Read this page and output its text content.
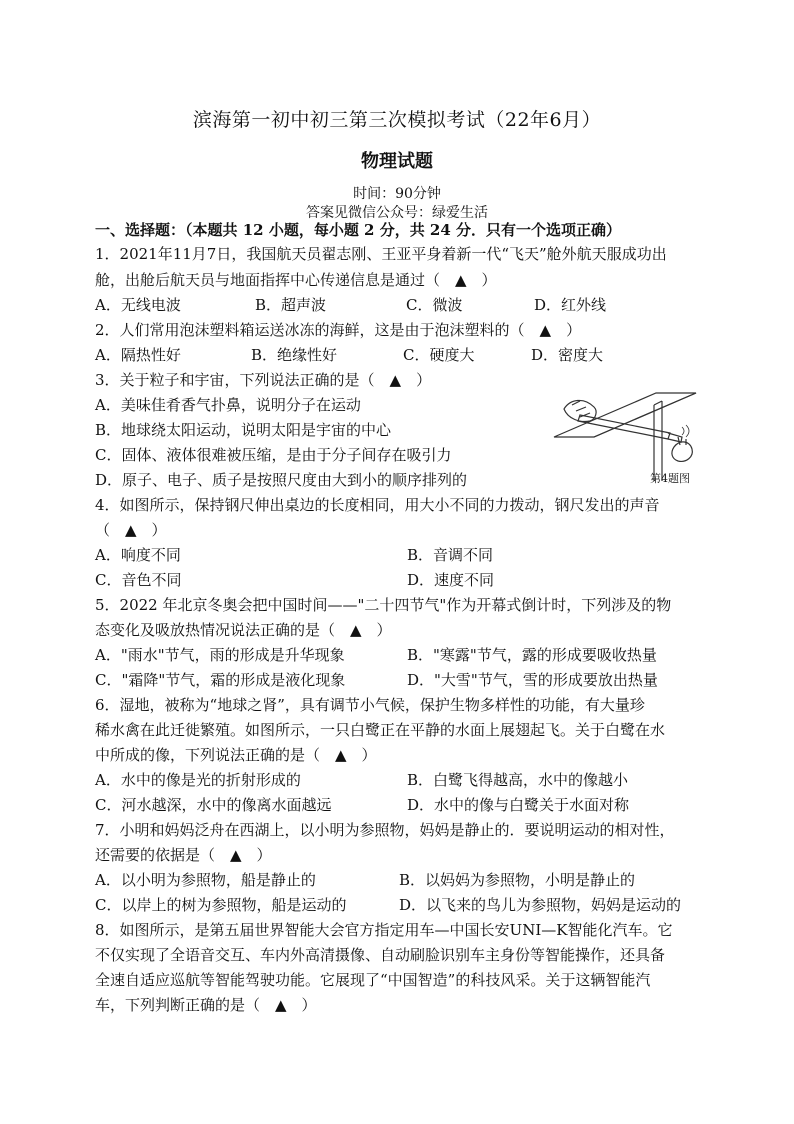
滨海第一初中初三第三次模拟考试（22年6月）
物理试题
时间：90分钟
答案见微信公众号：绿爱生活
一、选择题：（本题共 12 小题，每小题 2 分，共 24 分．只有一个选项正确）
1．2021年11月7日，我国航天员翟志刚、王亚平身着新一代“飞天”舱外航天服成功出
舱，出舱后航天员与地面指挥中心传递信息是通过（　▲　）
A．无线电波	B．超声波	C．微波	D．红外线
2．人们常用泡沫塑料箱运送冰冻的海鲜，这是由于泡沫塑料的（　▲　）
A．隔热性好	B．绝缘性好	C．硬度大	D．密度大
3．关于粒子和宇宙，下列说法正确的是（　▲　）
A．美味佳肴香气扑鼻，说明分子在运动
B．地球绕太阳运动，说明太阳是宇宙的中心
C．固体、液体很难被压缩，是由于分子间存在吸引力
D．原子、电子、质子是按照尺度由大到小的顺序排列的	第4题图
4．如图所示，保持钢尺伸出桌边的长度相同，用大小不同的力拨动，钢尺发出的声音
（　▲　）
A．响度不同	B．音调不同
C．音色不同	D．速度不同
5．2022 年北京冬奥会把中国时间——"二十四节气"作为开幕式倒计时，下列涉及的物
态变化及吸放热情况说法正确的是（　▲　）
A．"雨水"节气，雨的形成是升华现象	B．"寒露"节气，露的形成要吸收热量
C．"霜降"节气，霜的形成是液化现象	D．"大雪"节气，雪的形成要放出热量
6．湿地，被称为“地球之肾”，具有调节小气候，保护生物多样性的功能，有大量珍
稀水禽在此迁徙繁殖。如图所示，一只白鹭正在平静的水面上展翅起飞。关于白鹭在水
中所成的像，下列说法正确的是（　▲　）
A．水中的像是光的折射形成的	B．白鹭飞得越高，水中的像越小
C．河水越深，水中的像离水面越远	D．水中的像与白鹭关于水面对称
7．小明和妈妈泛舟在西湖上，以小明为参照物，妈妈是静止的．要说明运动的相对性，
还需要的依据是（　▲　）
A．以小明为参照物，船是静止的	B．以妈妈为参照物，小明是静止的
C．以岸上的树为参照物，船是运动的	D．以飞来的鸟儿为参照物，妈妈是运动的
8．如图所示，是第五届世界智能大会官方指定用车—中国长安UNI—K智能化汽车。它
不仅实现了全语音交互、车内外高清摄像、自动刷脸识别车主身份等智能操作，还具备
全速自适应巡航等智能驾驶功能。它展现了“中国智造”的科技风采。关于这辆智能汽
车，下列判断正确的是（　▲　）
